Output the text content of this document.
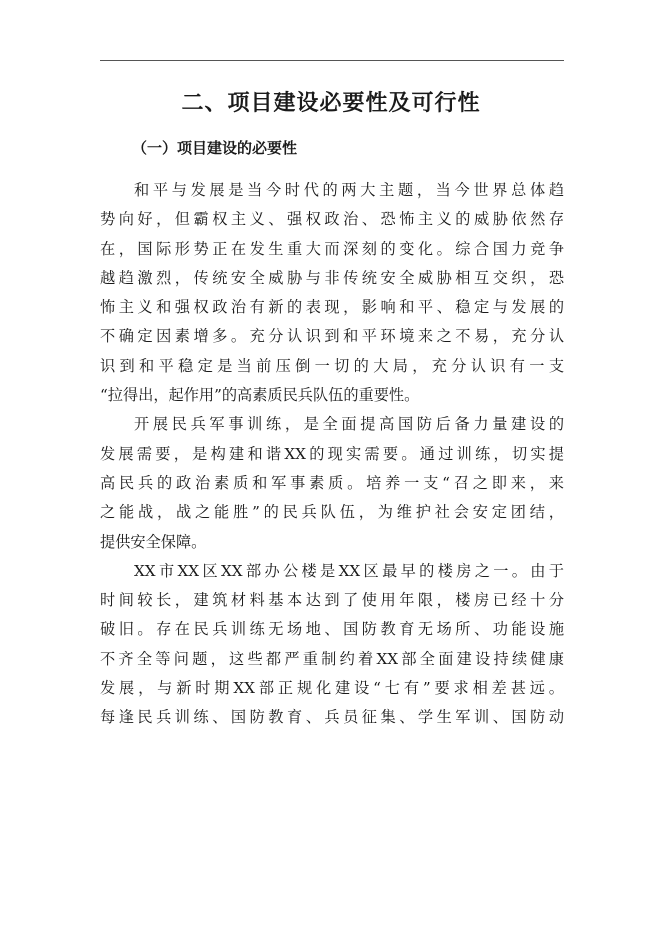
二、项目建设必要性及可行性
（一）项目建设的必要性

和平与发展是当今时代的两大主题，当今世界总体趋
势向好，但霸权主义、强权政治、恐怖主义的威胁依然存
在，国际形势正在发生重大而深刻的变化。综合国力竞争
越趋激烈，传统安全威胁与非传统安全威胁相互交织，恐
怖主义和强权政治有新的表现，影响和平、稳定与发展的
不确定因素增多。充分认识到和平环境来之不易，充分认
识到和平稳定是当前压倒一切的大局，充分认识有一支
“拉得出，起作用”的高素质民兵队伍的重要性。

开展民兵军事训练，是全面提高国防后备力量建设的
发展需要，是构建和谐XX的现实需要。通过训练，切实提
高民兵的政治素质和军事素质。培养一支“召之即来，来
之能战，战之能胜”的民兵队伍，为维护社会安定团结，
提供安全保障。

XX市XX区XX部办公楼是XX区最早的楼房之一。由于
时间较长，建筑材料基本达到了使用年限，楼房已经十分
破旧。存在民兵训练无场地、国防教育无场所、功能设施
不齐全等问题，这些都严重制约着XX部全面建设持续健康
发展，与新时期XX部正规化建设“七有”要求相差甚远。
每逢民兵训练、国防教育、兵员征集、学生军训、国防动
